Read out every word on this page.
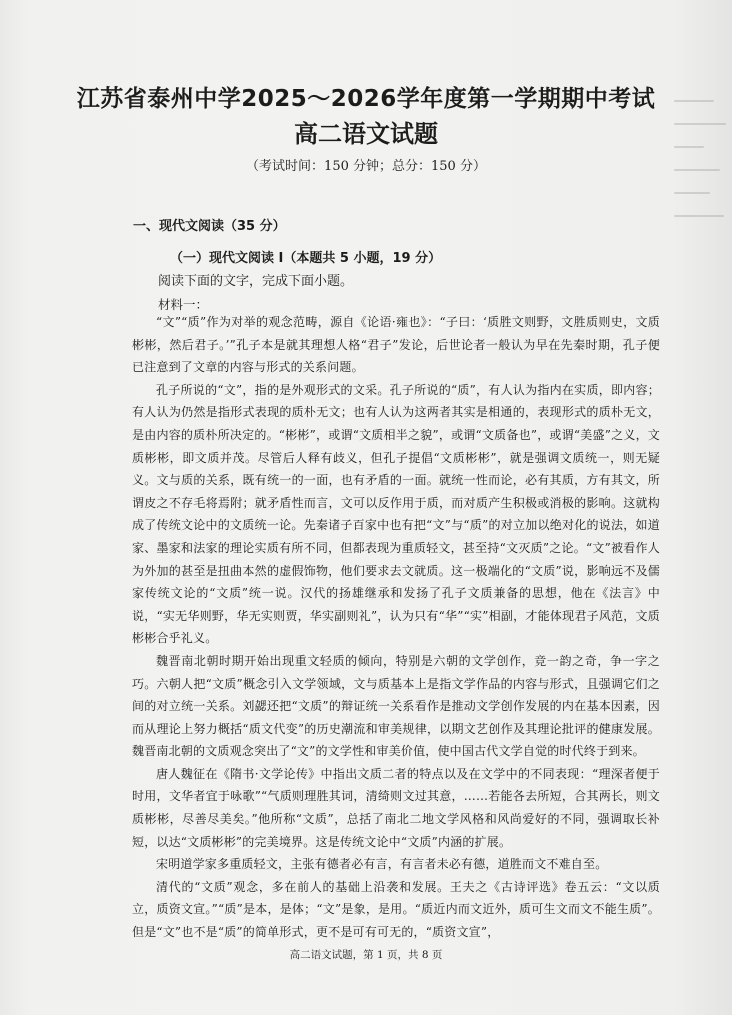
江苏省泰州中学2025～2026学年度第一学期期中考试
高二语文试题
（考试时间：150 分钟；总分：150 分）
一、现代文阅读（35 分）
（一）现代文阅读 I（本题共 5 小题，19 分）
阅读下面的文字，完成下面小题。
材料一：

“文”“质”作为对举的观念范畴，源自《论语·雍也》：“子曰：‘质胜文则野，文胜质则史，文质彬彬，然后君子。’”孔子本是就其理想人格“君子”发论，后世论者一般认为早在先秦时期，孔子便已注意到了文章的内容与形式的关系问题。

孔子所说的“文”，指的是外观形式的文采。孔子所说的“质”，有人认为指内在实质，即内容；有人认为仍然是指形式表现的质朴无文；也有人认为这两者其实是相通的，表现形式的质朴无文，是由内容的质朴所决定的。“彬彬”，或谓“文质相半之貌”，或谓“文质备也”，或谓“美盛”之义，文质彬彬，即文质并茂。尽管后人释有歧义，但孔子提倡“文质彬彬”，就是强调文质统一，则无疑义。文与质的关系，既有统一的一面，也有矛盾的一面。就统一性而论，必有其质，方有其文，所谓皮之不存毛将焉附；就矛盾性而言，文可以反作用于质，而对质产生积极或消极的影响。这就构成了传统文论中的文质统一论。先秦诸子百家中也有把“文”与“质”的对立加以绝对化的说法，如道家、墨家和法家的理论实质有所不同，但都表现为重质轻文，甚至持“文灭质”之论。“文”被看作人为外加的甚至是扭曲本然的虚假饰物，他们要求去文就质。这一极端化的“文质”说，影响远不及儒家传统文论的“文质”统一说。汉代的扬雄继承和发扬了孔子文质兼备的思想，他在《法言》中说，“实无华则野，华无实则贾，华实副则礼”，认为只有“华”“实”相副，才能体现君子风范，文质彬彬合乎礼义。

魏晋南北朝时期开始出现重文轻质的倾向，特别是六朝的文学创作，竞一韵之奇，争一字之巧。六朝人把“文质”概念引入文学领域，文与质基本上是指文学作品的内容与形式，且强调它们之间的对立统一关系。刘勰还把“文质”的辩证统一关系看作是推动文学创作发展的内在基本因素，因而从理论上努力概括“质文代变”的历史潮流和审美规律，以期文艺创作及其理论批评的健康发展。魏晋南北朝的文质观念突出了“文”的文学性和审美价值，使中国古代文学自觉的时代终于到来。

唐人魏征在《隋书·文学论传》中指出文质二者的特点以及在文学中的不同表现：“理深者便于时用，文华者宜于咏歌”“气质则理胜其词，清绮则文过其意，……若能各去所短，合其两长，则文质彬彬，尽善尽美矣。”他所称“文质”，总括了南北二地文学风格和风尚爱好的不同，强调取长补短，以达“文质彬彬”的完美境界。这是传统文论中“文质”内涵的扩展。

宋明道学家多重质轻文，主张有德者必有言，有言者未必有德，道胜而文不难自至。

清代的“文质”观念，多在前人的基础上沿袭和发展。王夫之《古诗评选》卷五云：“文以质立，质资文宣。”“质”是本，是体；“文”是象，是用。“质近内而文近外，质可生文而文不能生质”。但是“文”也不是“质”的简单形式，更不是可有可无的，“质资文宣”，

高二语文试题，第 1 页，共 8 页
